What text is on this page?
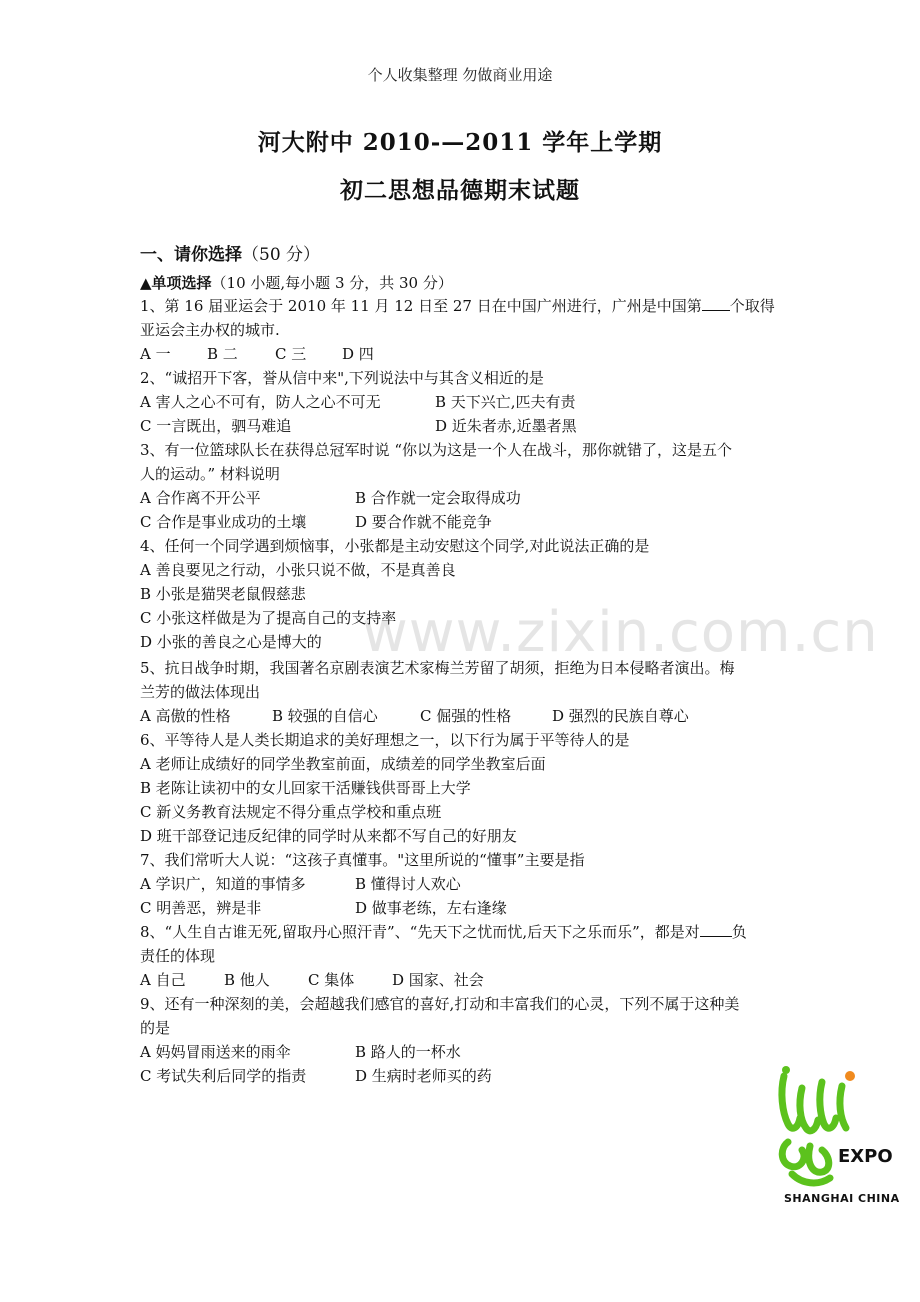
个人收集整理 勿做商业用途
河大附中 2010-—2011 学年上学期
初二思想品德期末试题
一、请你选择（50 分）
▲单项选择（10 小题,每小题 3 分，共 30 分）
www.zixin.com.cn
1、第 16 届亚运会于 2010 年 11 月 12 日至 27 日在中国广州进行，广州是中国第 个取得
亚运会主办权的城市.
A 一 B 二 C 三 D 四
2、“诚招开下客，誉从信中来",下列说法中与其含义相近的是
A 害人之心不可有，防人之心不可无	B 天下兴亡,匹夫有责
C 一言既出，驷马难追	D 近朱者赤,近墨者黑
3、有一位篮球队长在获得总冠军时说 “你以为这是一个人在战斗，那你就错了，这是五个
人的运动。” 材料说明
A 合作离不开公平	B 合作就一定会取得成功
C 合作是事业成功的土壤	D 要合作就不能竞争
4、任何一个同学遇到烦恼事，小张都是主动安慰这个同学,对此说法正确的是
A 善良要见之行动，小张只说不做，不是真善良
B 小张是猫哭老鼠假慈悲
C 小张这样做是为了提高自己的支持率
D 小张的善良之心是博大的
5、抗日战争时期，我国著名京剧表演艺术家梅兰芳留了胡须，拒绝为日本侵略者演出。梅
兰芳的做法体现出
A 高傲的性格	B 较强的自信心	C 倔强的性格	D 强烈的民族自尊心
6、平等待人是人类长期追求的美好理想之一，以下行为属于平等待人的是
A 老师让成绩好的同学坐教室前面，成绩差的同学坐教室后面
B 老陈让读初中的女儿回家干活赚钱供哥哥上大学
C 新义务教育法规定不得分重点学校和重点班
D 班干部登记违反纪律的同学时从来都不写自己的好朋友
7、我们常听大人说：“这孩子真懂事。"这里所说的“懂事”主要是指
A 学识广，知道的事情多	B 懂得讨人欢心
C 明善恶，辨是非	D 做事老练，左右逢缘
8、“人生自古谁无死,留取丹心照汗青”、“先天下之忧而忧,后天下之乐而乐”，都是对 负
责任的体现
A 自己	B 他人	C 集体	D 国家、社会
9、还有一种深刻的美，会超越我们感官的喜好,打动和丰富我们的心灵，下列不属于这种美
的是
A 妈妈冒雨送来的雨伞	B 路人的一杯水
C 考试失利后同学的指责	D 生病时老师买的药
EXPO
SHANGHAI CHINA
